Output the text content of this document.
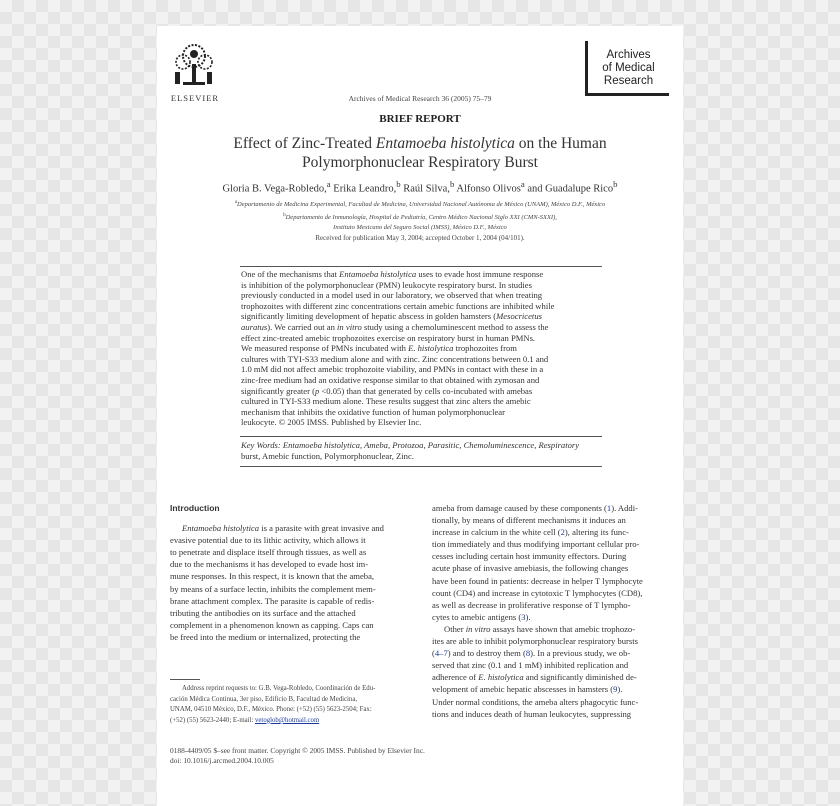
ELSEVIER	Archives of Medical Research 36 (2005) 75–79
Archives
of Medical
Research
BRIEF REPORT
Effect of Zinc-Treated Entamoeba histolytica on the Human
Polymorphonuclear Respiratory Burst
Gloria B. Vega-Robledo,$^a$ Erika Leandro,$^b$ Raúl Silva,$^b$ Alfonso Olivos$^a$ and Guadalupe Rico$^b$
$^a$Departamento de Medicina Experimental, Facultad de Medicina, Universidad Nacional Autónoma de México (UNAM), México D.F., México
$^b$Departamento de Inmunología, Hospital de Pediatría, Centro Médico Nacional Siglo XXI (CMN-SXXI),
Instituto Mexicano del Seguro Social (IMSS), México D.F., México
Received for publication May 3, 2004; accepted October 1, 2004 (04/101).
One of the mechanisms that Entamoeba histolytica uses to evade host immune response
is inhibition of the polymorphonuclear (PMN) leukocyte respiratory burst. In studies
previously conducted in a model used in our laboratory, we observed that when treating
trophozoites with different zinc concentrations certain amebic functions are inhibited while
significantly limiting development of hepatic abscess in golden hamsters (Mesocricetus
auratus). We carried out an in vitro study using a chemoluminescent method to assess the
effect zinc-treated amebic trophozoites exercise on respiratory burst in human PMNs.
We measured response of PMNs incubated with E. histolytica trophozoites from
cultures with TYI-S33 medium alone and with zinc. Zinc concentrations between 0.1 and
1.0 mM did not affect amebic trophozoite viability, and PMNs in contact with these in a
zinc-free medium had an oxidative response similar to that obtained with zymosan and
significantly greater (p <0.05) than that generated by cells co-incubated with amebas
cultured in TYI-S33 medium alone. These results suggest that zinc alters the amebic
mechanism that inhibits the oxidative function of human polymorphonuclear
leukocyte. © 2005 IMSS. Published by Elsevier Inc.
Key Words: Entamoeba histolytica, Ameba, Protozoa, Parasitic, Chemoluminescence, Respiratory
burst, Amebic function, Polymorphonuclear, Zinc.
Introduction
Entamoeba histolytica is a parasite with great invasive and
evasive potential due to its lithic activity, which allows it
to penetrate and displace itself through tissues, as well as
due to the mechanisms it has developed to evade host im-
mune responses. In this respect, it is known that the ameba,
by means of a surface lectin, inhibits the complement mem-
brane attachment complex. The parasite is capable of redis-
tributing the antibodies on its surface and the attached
complement in a phenomenon known as capping. Caps can
be freed into the medium or internalized, protecting the
ameba from damage caused by these components (1). Addi-
tionally, by means of different mechanisms it induces an
increase in calcium in the white cell (2), altering its func-
tion immediately and thus modifying important cellular pro-
cesses including certain host immunity effectors. During
acute phase of invasive amebiasis, the following changes
have been found in patients: decrease in helper T lymphocyte
count (CD4) and increase in cytotoxic T lymphocytes (CD8),
as well as decrease in proliferative response of T lympho-
cytes to amebic antigens (3).
Other in vitro assays have shown that amebic trophozo-
ites are able to inhibit polymorphonuclear respiratory bursts
(4–7) and to destroy them (8). In a previous study, we ob-
served that zinc (0.1 and 1 mM) inhibited replication and
adherence of E. histolytica and significantly diminished de-
velopment of amebic hepatic abscesses in hamsters (9).
Under normal conditions, the ameba alters phagocytic func-
tions and induces death of human leukocytes, suppressing
Address reprint requests to: G.B. Vega-Robledo, Coordinación de Edu-
cación Médica Continua, 3er piso, Edificio B, Facultad de Medicina,
UNAM, 04510 México, D.F., México. Phone: (+52) (55) 5623-2504; Fax:
(+52) (55) 5623-2440; E-mail: vetoglob@hotmail.com
0188-4409/05 $–see front matter. Copyright © 2005 IMSS. Published by Elsevier Inc.
doi: 10.1016/j.arcmed.2004.10.005
